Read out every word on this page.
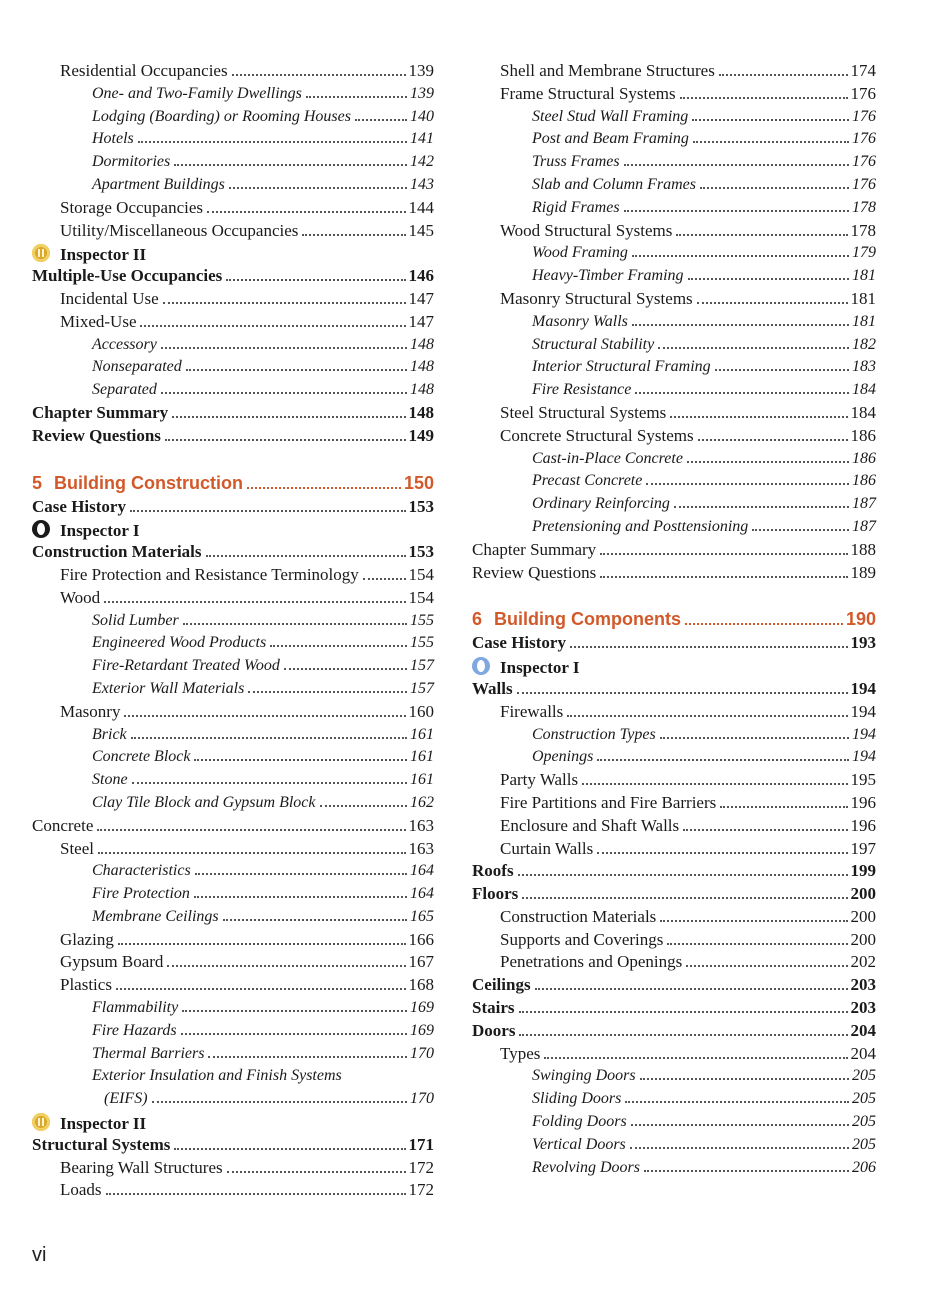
Residential Occupancies	139
One- and Two-Family Dwellings	139
Lodging (Boarding) or Rooming Houses	140
Hotels	141
Dormitories	142
Apartment Buildings	143
Storage Occupancies	144
Utility/Miscellaneous Occupancies	145
Inspector II
Multiple-Use Occupancies	146
Incidental Use	147
Mixed-Use	147
Accessory	148
Nonseparated	148
Separated	148
Chapter Summary	148
Review Questions	149
5 Building Construction	150
Case History	153
Inspector I
Construction Materials	153
Fire Protection and Resistance Terminology	154
Wood	154
Solid Lumber	155
Engineered Wood Products	155
Fire-Retardant Treated Wood	157
Exterior Wall Materials	157
Masonry	160
Brick	161
Concrete Block	161
Stone	161
Clay Tile Block and Gypsum Block	162
Concrete	163
Steel	163
Characteristics	164
Fire Protection	164
Membrane Ceilings	165
Glazing	166
Gypsum Board	167
Plastics	168
Flammability	169
Fire Hazards	169
Thermal Barriers	170
Exterior Insulation and Finish Systems
(EIFS)	170
Inspector II
Structural Systems	171
Bearing Wall Structures	172
Loads	172
Shell and Membrane Structures	174
Frame Structural Systems	176
Steel Stud Wall Framing	176
Post and Beam Framing	176
Truss Frames	176
Slab and Column Frames	176
Rigid Frames	178
Wood Structural Systems	178
Wood Framing	179
Heavy-Timber Framing	181
Masonry Structural Systems	181
Masonry Walls	181
Structural Stability	182
Interior Structural Framing	183
Fire Resistance	184
Steel Structural Systems	184
Concrete Structural Systems	186
Cast-in-Place Concrete	186
Precast Concrete	186
Ordinary Reinforcing	187
Pretensioning and Posttensioning	187
Chapter Summary	188
Review Questions	189
6 Building Components	190
Case History	193
Inspector I
Walls	194
Firewalls	194
Construction Types	194
Openings	194
Party Walls	195
Fire Partitions and Fire Barriers	196
Enclosure and Shaft Walls	196
Curtain Walls	197
Roofs	199
Floors	200
Construction Materials	200
Supports and Coverings	200
Penetrations and Openings	202
Ceilings	203
Stairs	203
Doors	204
Types	204
Swinging Doors	205
Sliding Doors	205
Folding Doors	205
Vertical Doors	205
Revolving Doors	206
vi
